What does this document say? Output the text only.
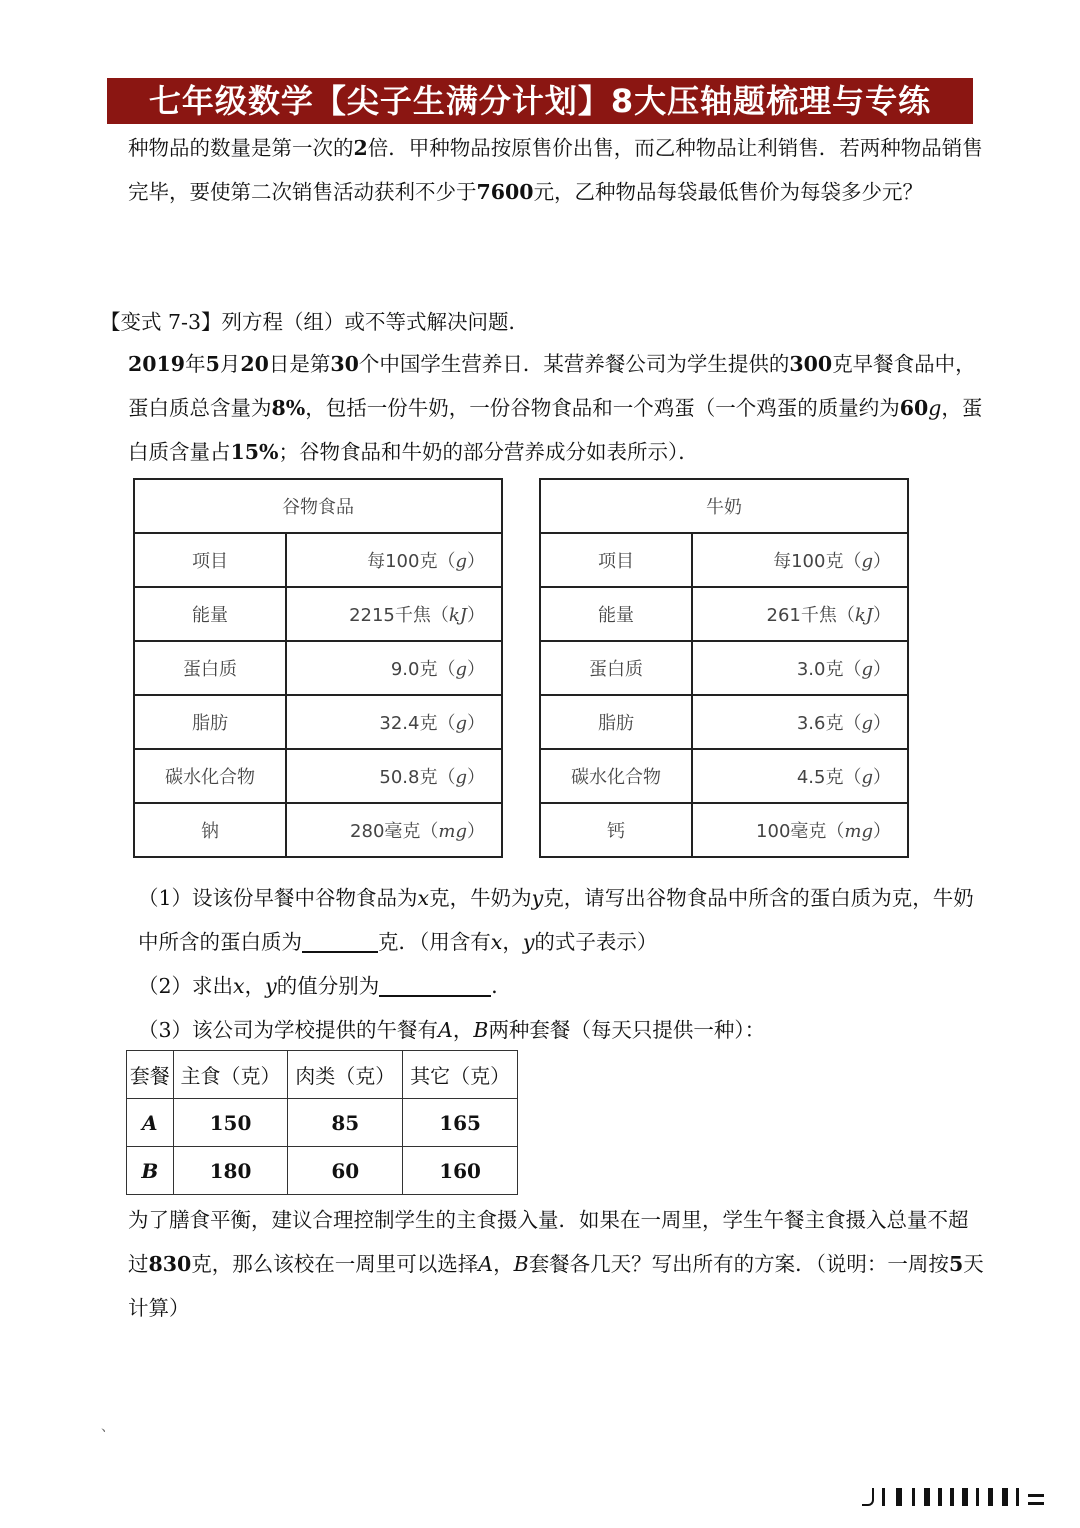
七年级数学【尖子生满分计划】8大压轴题梳理与专练

种物品的数量是第一次的2倍．甲种物品按原售价出售，而乙种物品让利销售．若两种物品销售完毕，要使第二次销售活动获利不少于7600元，乙种物品每袋最低售价为每袋多少元？

【变式 7-3】列方程（组）或不等式解决问题．

2019年5月20日是第30个中国学生营养日．某营养餐公司为学生提供的300克早餐食品中，蛋白质总含量为8%，包括一份牛奶，一份谷物食品和一个鸡蛋（一个鸡蛋的质量约为60g，蛋白质含量占15%；谷物食品和牛奶的部分营养成分如表所示）．

谷物食品	
项目	每100克（g）
能量	2215千焦（kJ）
蛋白质	9.0克（g）
脂肪	32.4克（g）
碳水化合物	50.8克（g）
钠	280毫克（mg）
牛奶	
项目	每100克（g）
能量	261千焦（kJ）
蛋白质	3.0克（g）
脂肪	3.6克（g）
碳水化合物	4.5克（g）
钙	100毫克（mg）
（1）设该份早餐中谷物食品为x克，牛奶为y克，请写出谷物食品中所含的蛋白质为克，牛奶中所含的蛋白质为	克．（用含有x，y的式子表示）
（2）求出x，y的值分别为	．
（3）该公司为学校提供的午餐有A，B两种套餐（每天只提供一种）：
套餐	主食（克）	肉类（克）	其它（克）
A	150	85	165
B	180	60	160

为了膳食平衡，建议合理控制学生的主食摄入量．如果在一周里，学生午餐主食摄入总量不超过830克，那么该校在一周里可以选择A，B套餐各几天？写出所有的方案．（说明：一周按5天计算）

、
